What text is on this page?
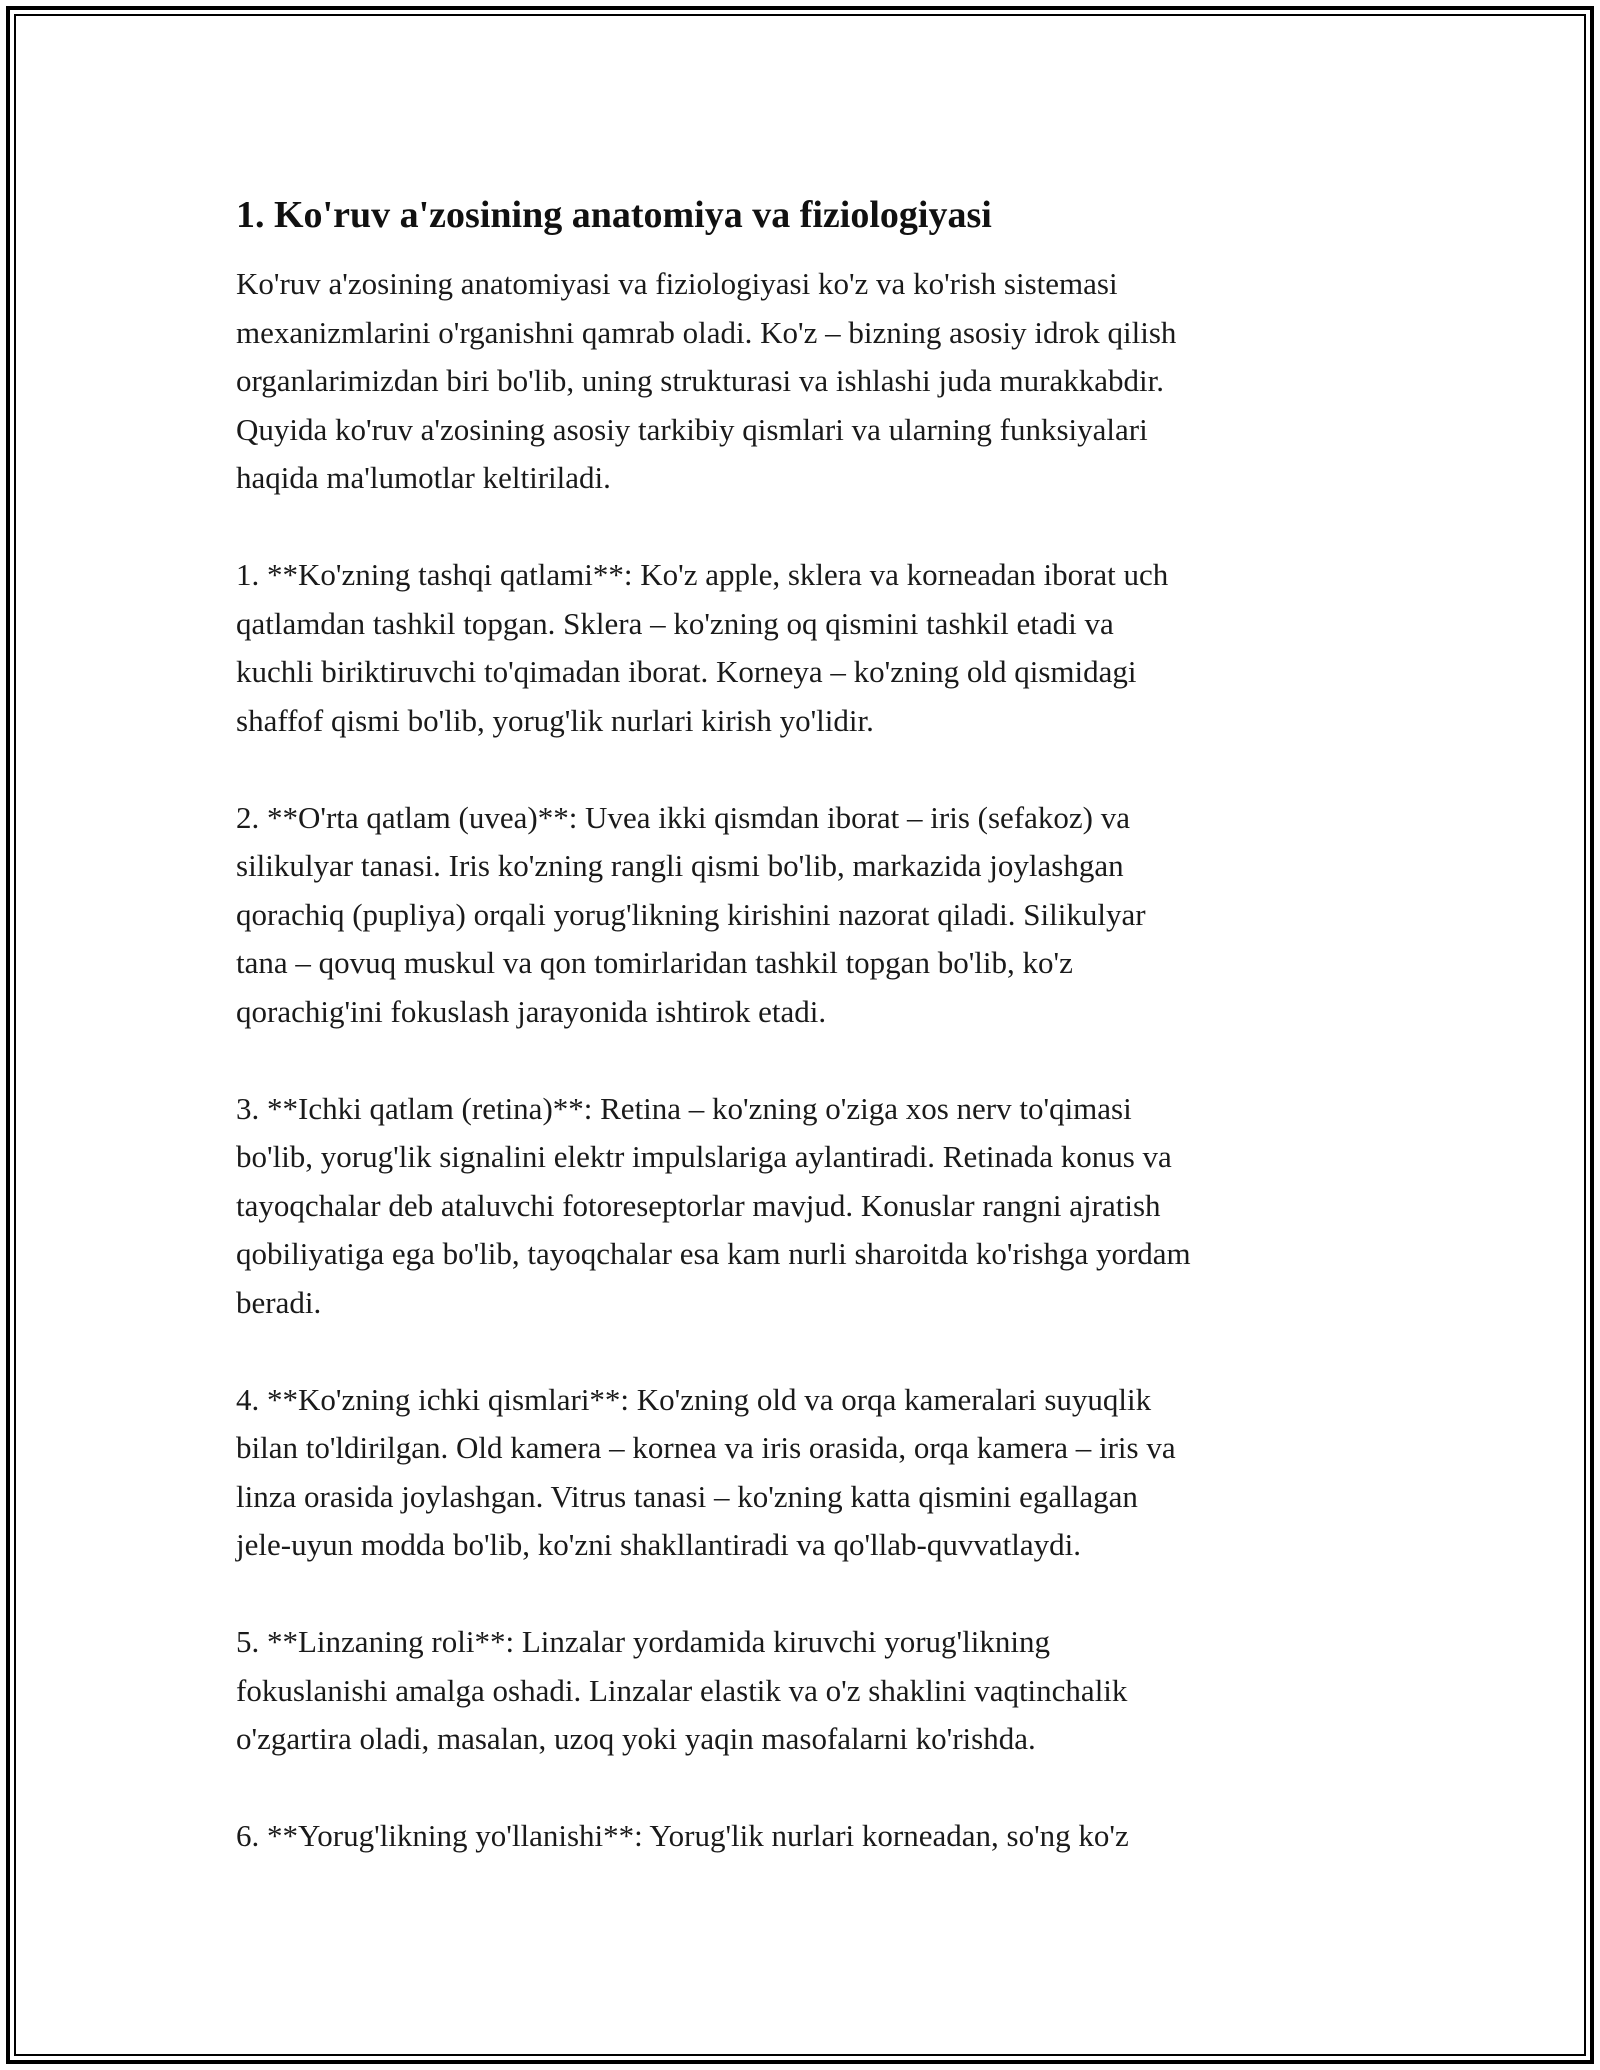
1. Ko'ruv a'zosining anatomiya va fiziologiyasi
Ko'ruv a'zosining anatomiyasi va fiziologiyasi ko'z va ko'rish sistemasi
mexanizmlarini o'rganishni qamrab oladi. Ko'z – bizning asosiy idrok qilish
organlarimizdan biri bo'lib, uning strukturasi va ishlashi juda murakkabdir.
Quyida ko'ruv a'zosining asosiy tarkibiy qismlari va ularning funksiyalari
haqida ma'lumotlar keltiriladi.
1. **Ko'zning tashqi qatlami**: Ko'z apple, sklera va korneadan iborat uch
qatlamdan tashkil topgan. Sklera – ko'zning oq qismini tashkil etadi va
kuchli biriktiruvchi to'qimadan iborat. Korneya – ko'zning old qismidagi
shaffof qismi bo'lib, yorug'lik nurlari kirish yo'lidir.
2. **O'rta qatlam (uvea)**: Uvea ikki qismdan iborat – iris (sefakoz) va
silikulyar tanasi. Iris ko'zning rangli qismi bo'lib, markazida joylashgan
qorachiq (pupliya) orqali yorug'likning kirishini nazorat qiladi. Silikulyar
tana – qovuq muskul va qon tomirlaridan tashkil topgan bo'lib, ko'z
qorachig'ini fokuslash jarayonida ishtirok etadi.
3. **Ichki qatlam (retina)**: Retina – ko'zning o'ziga xos nerv to'qimasi
bo'lib, yorug'lik signalini elektr impulslariga aylantiradi. Retinada konus va
tayoqchalar deb ataluvchi fotoreseptorlar mavjud. Konuslar rangni ajratish
qobiliyatiga ega bo'lib, tayoqchalar esa kam nurli sharoitda ko'rishga yordam
beradi.
4. **Ko'zning ichki qismlari**: Ko'zning old va orqa kameralari suyuqlik
bilan to'ldirilgan. Old kamera – kornea va iris orasida, orqa kamera – iris va
linza orasida joylashgan. Vitrus tanasi – ko'zning katta qismini egallagan
jele-uyun modda bo'lib, ko'zni shakllantiradi va qo'llab-quvvatlaydi.
5. **Linzaning roli**: Linzalar yordamida kiruvchi yorug'likning
fokuslanishi amalga oshadi. Linzalar elastik va o'z shaklini vaqtinchalik
o'zgartira oladi, masalan, uzoq yoki yaqin masofalarni ko'rishda.
6. **Yorug'likning yo'llanishi**: Yorug'lik nurlari korneadan, so'ng ko'z
